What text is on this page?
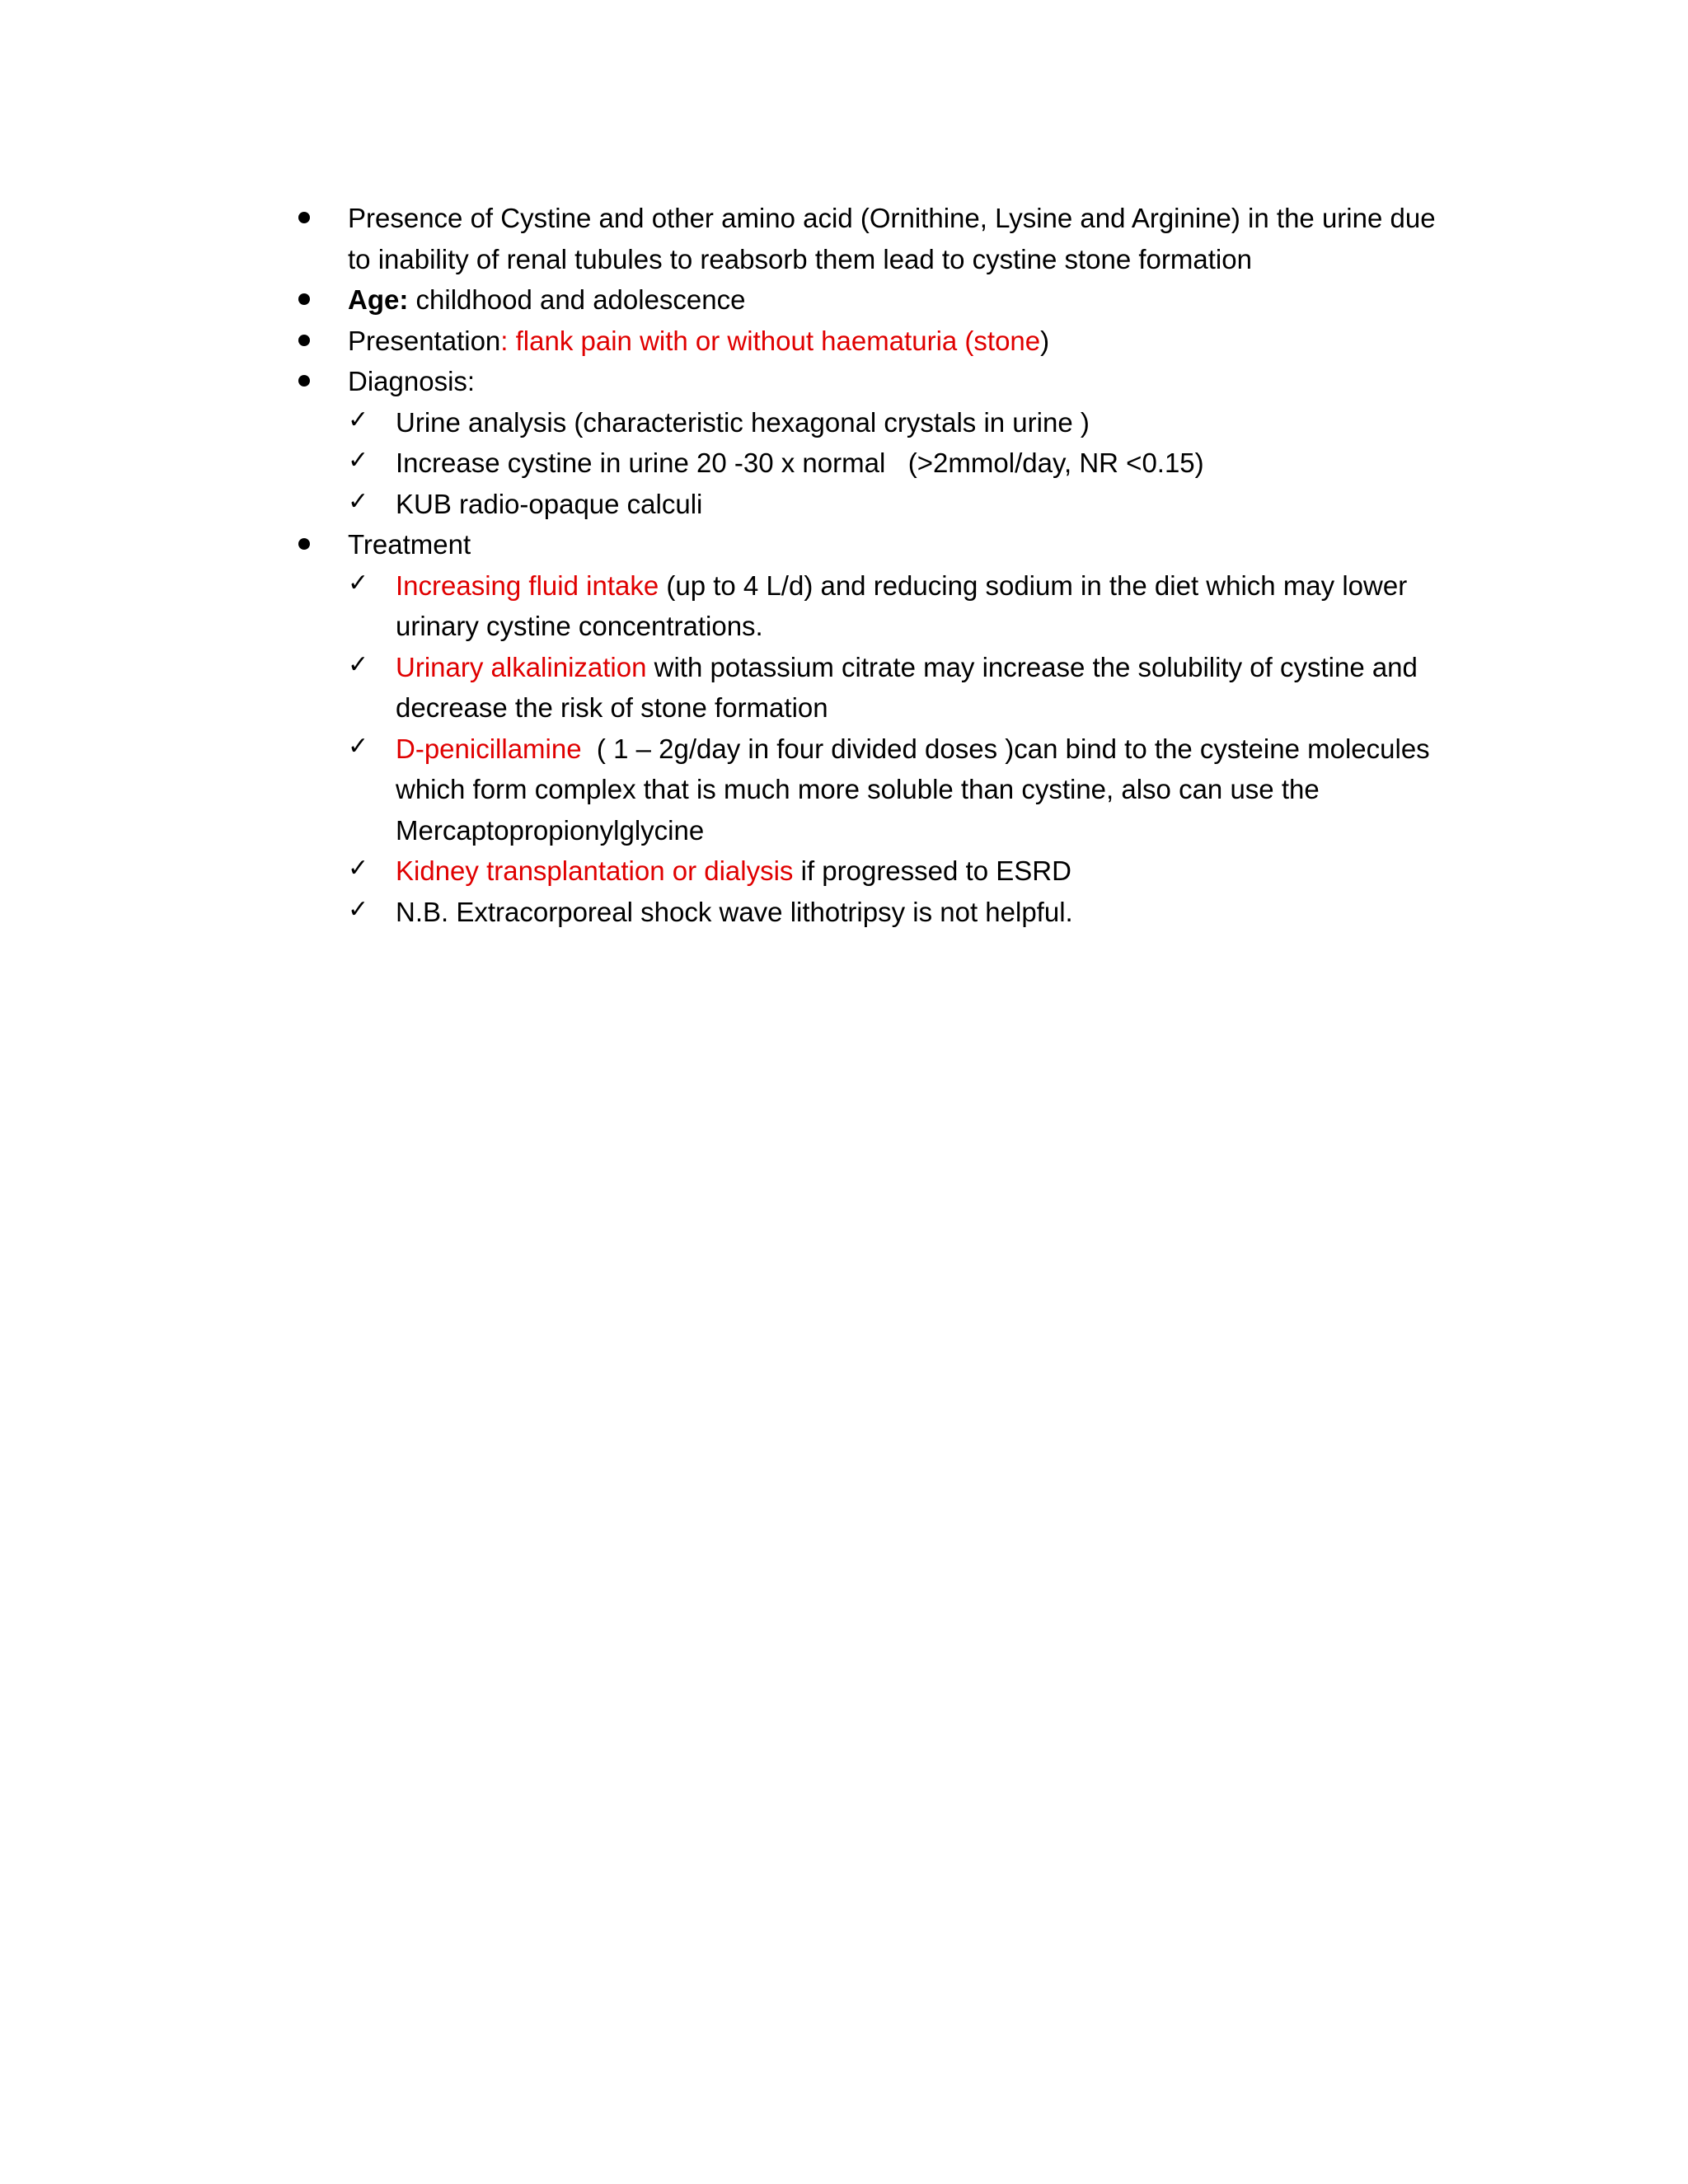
Presence of Cystine and other amino acid (Ornithine, Lysine and Arginine) in the urine due to inability of renal tubules to reabsorb them lead to cystine stone formation
Age: childhood and adolescence
Presentation: flank pain with or without haematuria (stone)
Diagnosis:
✓ Urine analysis (characteristic hexagonal crystals in urine )
✓ Increase cystine in urine 20 -30 x normal   (>2mmol/day, NR <0.15)
✓ KUB radio-opaque calculi
Treatment
✓ Increasing fluid intake (up to 4 L/d) and reducing sodium in the diet which may lower urinary cystine concentrations.
✓ Urinary alkalinization with potassium citrate may increase the solubility of cystine and decrease the risk of stone formation
✓ D-penicillamine  ( 1 – 2g/day in four divided doses )can bind to the cysteine molecules which form complex that is much more soluble than cystine, also can use the Mercaptopropionylglycine
✓ Kidney transplantation or dialysis if progressed to ESRD
✓ N.B. Extracorporeal shock wave lithotripsy is not helpful.
